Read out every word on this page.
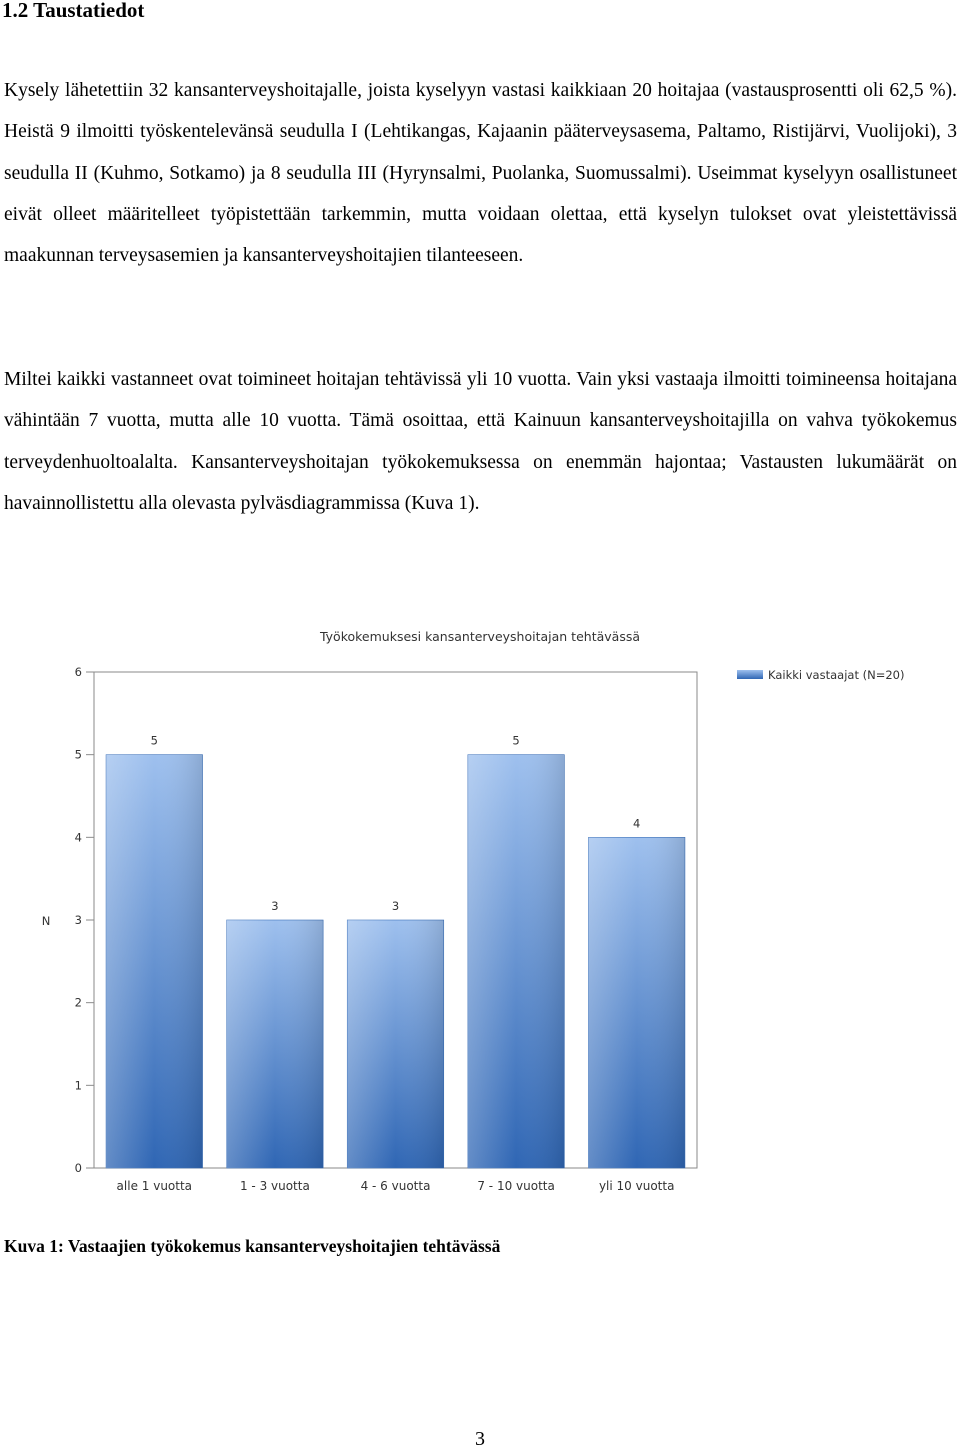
1.2 Taustatiedot

Kysely lähetettiin 32 kansanterveyshoitajalle, joista kyselyyn vastasi kaikkiaan 20 hoitajaa (vastausprosentti oli 62,5 %). Heistä 9 ilmoitti työskentelevänsä seudulla I (Lehtikangas, Kajaanin pääterveysasema, Paltamo, Ristijärvi, Vuolijoki), 3 seudulla II (Kuhmo, Sotkamo) ja 8 seudulla III (Hyrynsalmi, Puolanka, Suomussalmi). Useimmat kyselyyn osallistuneet eivät olleet määritelleet työpistettään tarkemmin, mutta voidaan olettaa, että kyselyn tulokset ovat yleistettävissä maakunnan terveysasemien ja kansanterveyshoitajien tilanteeseen.

Miltei kaikki vastanneet ovat toimineet hoitajan tehtävissä yli 10 vuotta. Vain yksi vastaaja ilmoitti toimineensa hoitajana vähintään 7 vuotta, mutta alle 10 vuotta. Tämä osoittaa, että Kainuun kansanterveyshoitajilla on vahva työkokemus terveydenhuoltoalalta. Kansanterveyshoitajan työkokemuksessa on enemmän hajontaa; Vastausten lukumäärät on havainnollistettu alla olevasta pylväsdiagrammissa (Kuva 1).

Työkokemuksesi kansanterveyshoitajan tehtävässä
N
0
1
2
3
4
5
6
5
alle 1 vuotta
3
1 - 3 vuotta
3
4 - 6 vuotta
5
7 - 10 vuotta
4
yli 10 vuotta
Kaikki vastaajat (N=20)
Kuva 1: Vastaajien työkokemus kansanterveyshoitajien tehtävässä
3
